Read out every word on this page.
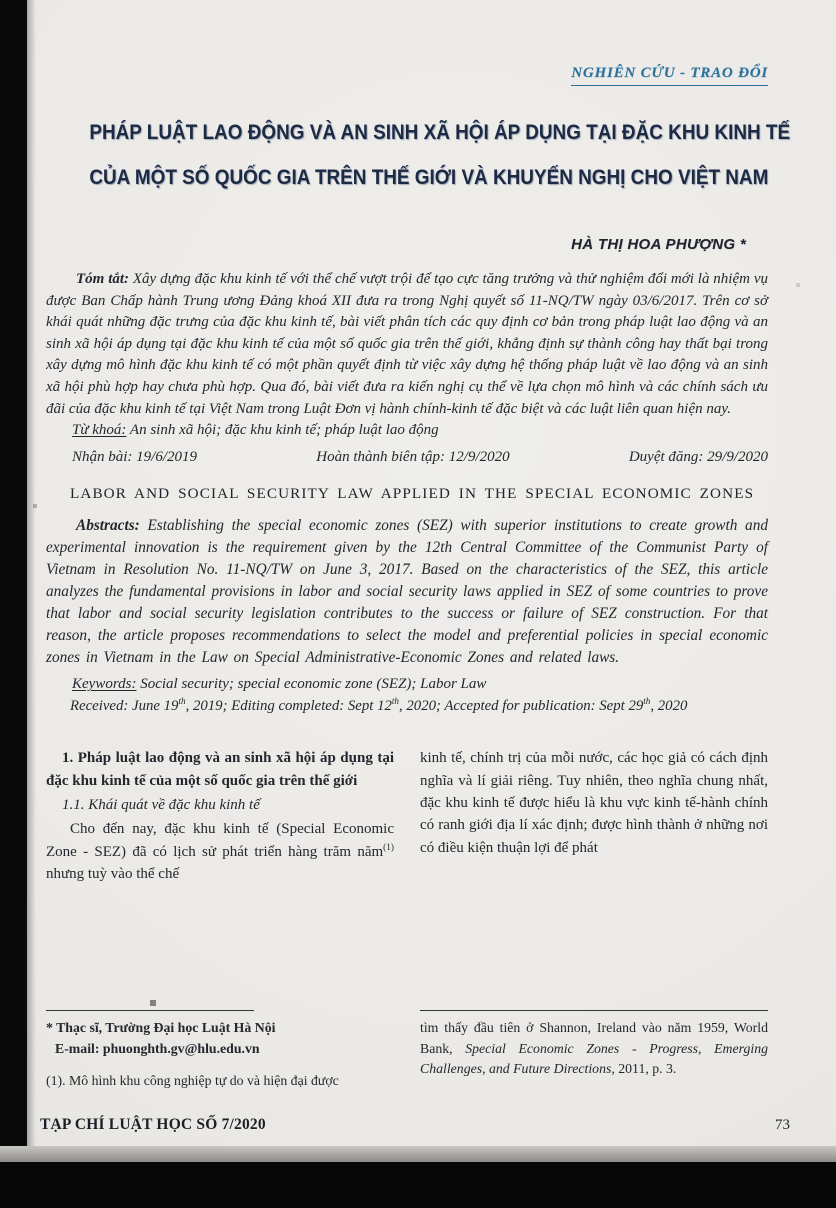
NGHIÊN CỨU - TRAO ĐỔI
PHÁP LUẬT LAO ĐỘNG VÀ AN SINH XÃ HỘI ÁP DỤNG TẠI ĐẶC KHU KINH TẾ
CỦA MỘT SỐ QUỐC GIA TRÊN THẾ GIỚI VÀ KHUYẾN NGHỊ CHO VIỆT NAM
HÀ THỊ HOA PHƯỢNG *

Tóm tắt: Xây dựng đặc khu kinh tế với thể chế vượt trội để tạo cực tăng trưởng và thử nghiệm đổi mới là nhiệm vụ được Ban Chấp hành Trung ương Đảng khoá XII đưa ra trong Nghị quyết số 11-NQ/TW ngày 03/6/2017. Trên cơ sở khái quát những đặc trưng của đặc khu kinh tế, bài viết phân tích các quy định cơ bản trong pháp luật lao động và an sinh xã hội áp dụng tại đặc khu kinh tế của một số quốc gia trên thế giới, khẳng định sự thành công hay thất bại trong xây dựng mô hình đặc khu kinh tế có một phần quyết định từ việc xây dựng hệ thống pháp luật về lao động và an sinh xã hội phù hợp hay chưa phù hợp. Qua đó, bài viết đưa ra kiến nghị cụ thể về lựa chọn mô hình và các chính sách ưu đãi của đặc khu kinh tế tại Việt Nam trong Luật Đơn vị hành chính-kinh tế đặc biệt và các luật liên quan hiện nay.

Từ khoá: An sinh xã hội; đặc khu kinh tế; pháp luật lao động

Nhận bài: 19/6/2019	Hoàn thành biên tập: 12/9/2020	Duyệt đăng: 29/9/2020
LABOR AND SOCIAL SECURITY LAW APPLIED IN THE SPECIAL ECONOMIC ZONES

Abstracts: Establishing the special economic zones (SEZ) with superior institutions to create growth and experimental innovation is the requirement given by the 12th Central Committee of the Communist Party of Vietnam in Resolution No. 11-NQ/TW on June 3, 2017. Based on the characteristics of the SEZ, this article analyzes the fundamental provisions in labor and social security laws applied in SEZ of some countries to prove that labor and social security legislation contributes to the success or failure of SEZ construction. For that reason, the article proposes recommendations to select the model and preferential policies in special economic zones in Vietnam in the Law on Special Administrative-Economic Zones and related laws.

Keywords: Social security; special economic zone (SEZ); Labor Law

Received: June 19th, 2019; Editing completed: Sept 12th, 2020; Accepted for publication: Sept 29th, 2020

1. Pháp luật lao động và an sinh xã hội áp dụng tại đặc khu kinh tế của một số quốc gia trên thế giới
1.1. Khái quát về đặc khu kinh tế
Cho đến nay, đặc khu kinh tế (Special Economic Zone - SEZ) đã có lịch sử phát triển hàng trăm năm$^{(1)}$ nhưng tuỳ vào thể chế
kinh tế, chính trị của mỗi nước, các học giả có cách định nghĩa và lí giải riêng. Tuy nhiên, theo nghĩa chung nhất, đặc khu kinh tế được hiểu là khu vực kinh tế-hành chính có ranh giới địa lí xác định; được hình thành ở những nơi có điều kiện thuận lợi để phát
* Thạc sĩ, Trường Đại học Luật Hà Nội
E-mail: phuonghth.gv@hlu.edu.vn
(1). Mô hình khu công nghiệp tự do và hiện đại được
tìm thấy đầu tiên ở Shannon, Ireland vào năm 1959, World Bank, Special Economic Zones - Progress, Emerging Challenges, and Future Directions, 2011, p. 3.
TẠP CHÍ LUẬT HỌC SỐ 7/2020	73
